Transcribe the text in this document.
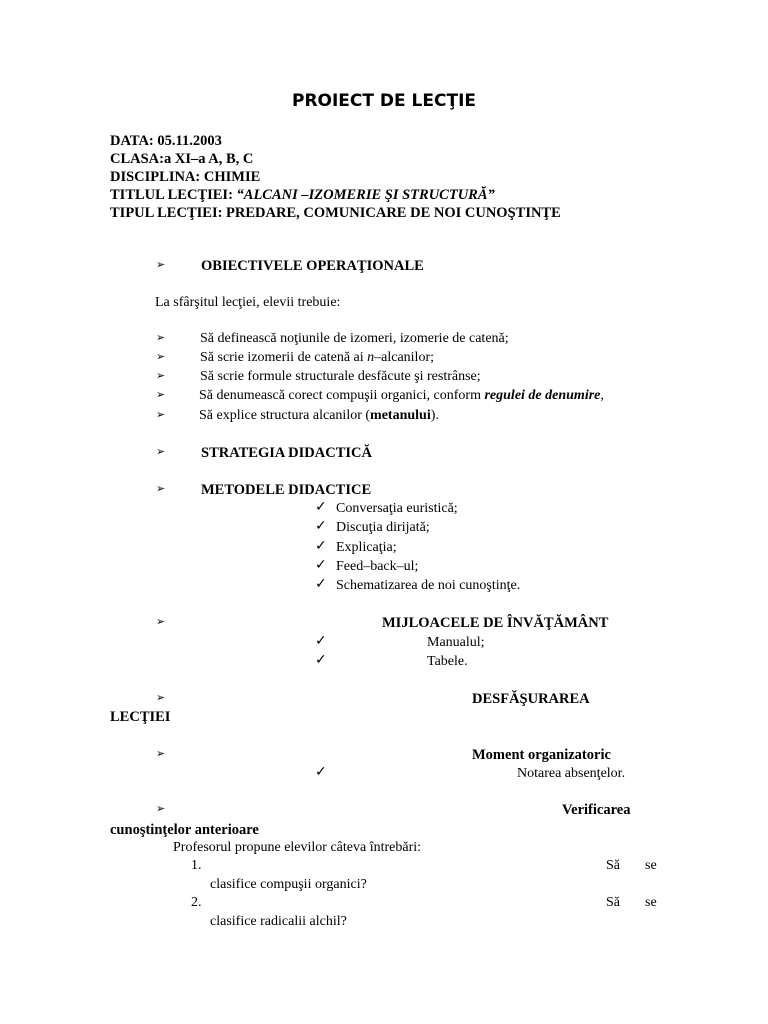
PROIECT DE LECŢIE
DATA: 05.11.2003
CLASA:a XI–a A, B, C
DISCIPLINA: CHIMIE
TITLUL LECŢIEI: “ALCANI –IZOMERIE ŞI STRUCTURĂ”
TIPUL LECŢIEI: PREDARE, COMUNICARE DE NOI CUNOŞTINŢE
➢ OBIECTIVELE OPERAŢIONALE
La sfârşitul lecţiei, elevii trebuie:
➢ Să definească noţiunile de izomeri, izomerie de catenă;
➢ Să scrie izomerii de catenă ai n–alcanilor;
➢ Să scrie formule structurale desfăcute şi restrânse;
➢ Să denumească corect compuşii organici, conform regulei de denumire,
➢ Să explice structura alcanilor (metanului).
➢ STRATEGIA DIDACTICĂ
➢ METODELE DIDACTICE
✓ Conversaţia euristică;
✓ Discuţia dirijată;
✓ Explicaţia;
✓ Feed–back–ul;
✓ Schematizarea de noi cunoştinţe.
➢	MIJLOACELE DE ÎNVĂŢĂMÂNT
✓	Manualul;
✓	Tabele.
➢	DESFĂŞURAREA
LECŢIEI
➢	Moment organizatoric
✓	Notarea absenţelor.
➢	Verificarea
cunoştinţelor anterioare
Profesorul propune elevilor câteva întrebări:
1.	Să se
clasifice compuşii organici?
2.	Să se
clasifice radicalii alchil?
